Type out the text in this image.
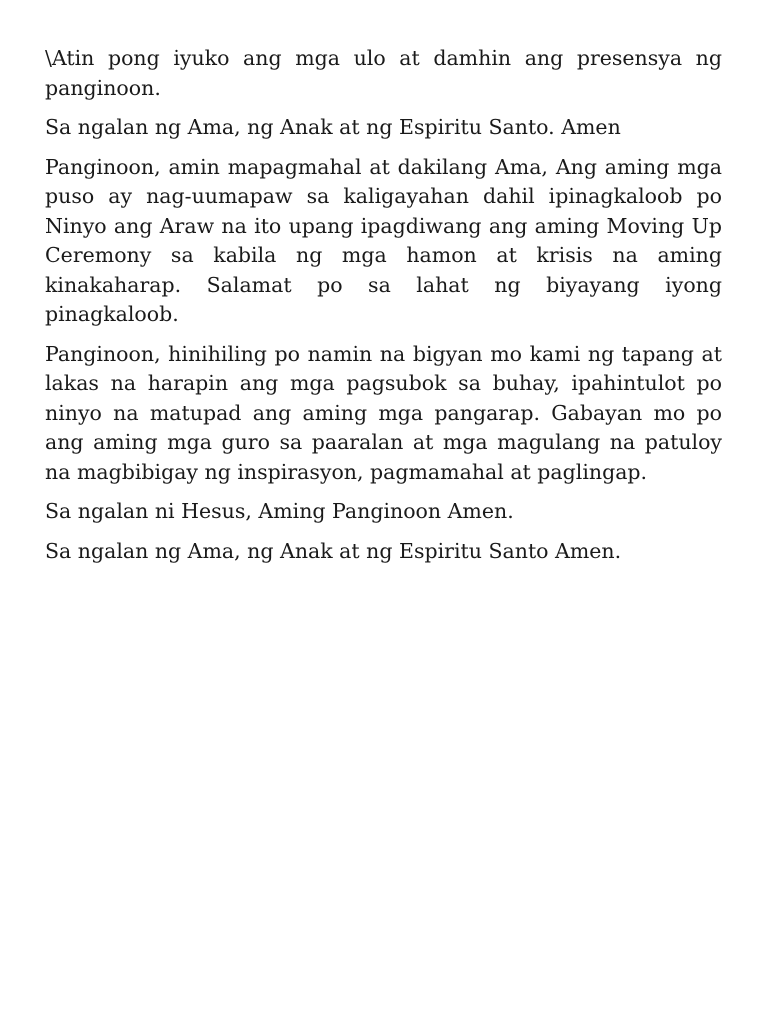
\Atin pong iyuko ang mga ulo at damhin ang presensya ng panginoon.

Sa ngalan ng Ama, ng Anak at ng Espiritu Santo. Amen

Panginoon, amin mapagmahal at dakilang Ama, Ang aming mga puso ay nag-uumapaw sa kaligayahan dahil ipinagkaloob po Ninyo ang Araw na ito upang ipagdiwang ang aming Moving Up Ceremony sa kabila ng mga hamon at krisis na aming kinakaharap. Salamat po sa lahat ng biyayang iyong pinagkaloob.

Panginoon, hinihiling po namin na bigyan mo kami ng tapang at lakas na harapin ang mga pagsubok sa buhay, ipahintulot po ninyo na matupad ang aming mga pangarap. Gabayan mo po ang aming mga guro sa paaralan at mga magulang na patuloy na magbibigay ng inspirasyon, pagmamahal at paglingap.

Sa ngalan ni Hesus, Aming Panginoon Amen.

Sa ngalan ng Ama, ng Anak at ng Espiritu Santo Amen.
